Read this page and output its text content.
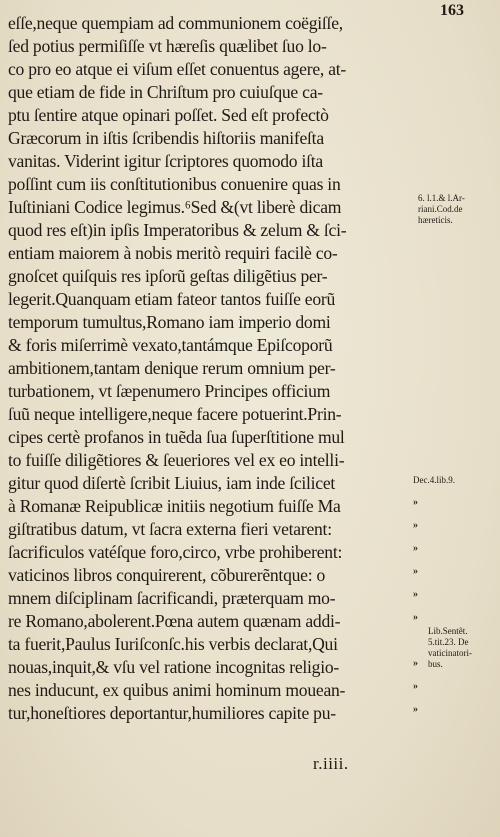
163
eſſe,neque quempiam ad communionem coëgiſſe,
ſed potius permiſiſſe vt hæreſis quælibet ſuo lo-
co pro eo atque ei viſum eſſet conuentus agere, at-
que etiam de fide in Chriſtum pro cuiuſque ca-
ptu ſentire atque opinari poſſet. Sed eſt profectò
Græcorum in iſtis ſcribendis hiſtoriis manifeſta
vanitas. Viderint igitur ſcriptores quomodo iſta
poſſint cum iis conſtitutionibus conuenire quas in
Iuſtiniani Codice legimus.⁶Sed &(vt liberè dicam
quod res eſt)in ipſis Imperatoribus & zelum & ſci-
entiam maiorem à nobis meritò requiri facilè co-
gnoſcet quiſquis res ipſorũ geſtas diligẽtius per-
legerit.Quanquam etiam fateor tantos fuiſſe eorũ
temporum tumultus,Romano iam imperio domi
& foris miſerrimè vexato,tantámque Epiſcoporũ
ambitionem,tantam denique rerum omnium per-
turbationem, vt ſæpenumero Principes officium
ſuũ neque intelligere,neque facere potuerint.Prin-
cipes certè profanos in tuẽda ſua ſuperſtitione mul
to fuiſſe diligẽtiores & ſeueriores vel ex eo intelli-
gitur quod diſertè ſcribit Liuius, iam inde ſcilicet
à Romanæ Reipublicæ initiis negotium fuiſſe Ma
giſtratibus datum, vt ſacra externa fieri vetarent:
ſacrificulos vatéſque foro,circo, vrbe prohiberent:
vaticinos libros conquirerent, cõburerẽntque: o
mnem diſciplinam ſacrificandi, præterquam mo-
re Romano,abolerent.Pœna autem quænam addi-
ta fuerit,Paulus Iuriſconſc.his verbis declarat,Qui
nouas,inquit,& vſu vel ratione incognitas religio-
nes inducunt, ex quibus animi hominum mouean-
tur,honeſtiores deportantur,humiliores capite pu-
r.iiii.
6. l.1.& l.Ar-
riani.Cod.de
hæreticis.
Dec.4.lib.9.
Lib.Sentẽt.
5.tit.23. De
vaticinatori-
bus.
»
»
»
»
»
»
»
»
»
